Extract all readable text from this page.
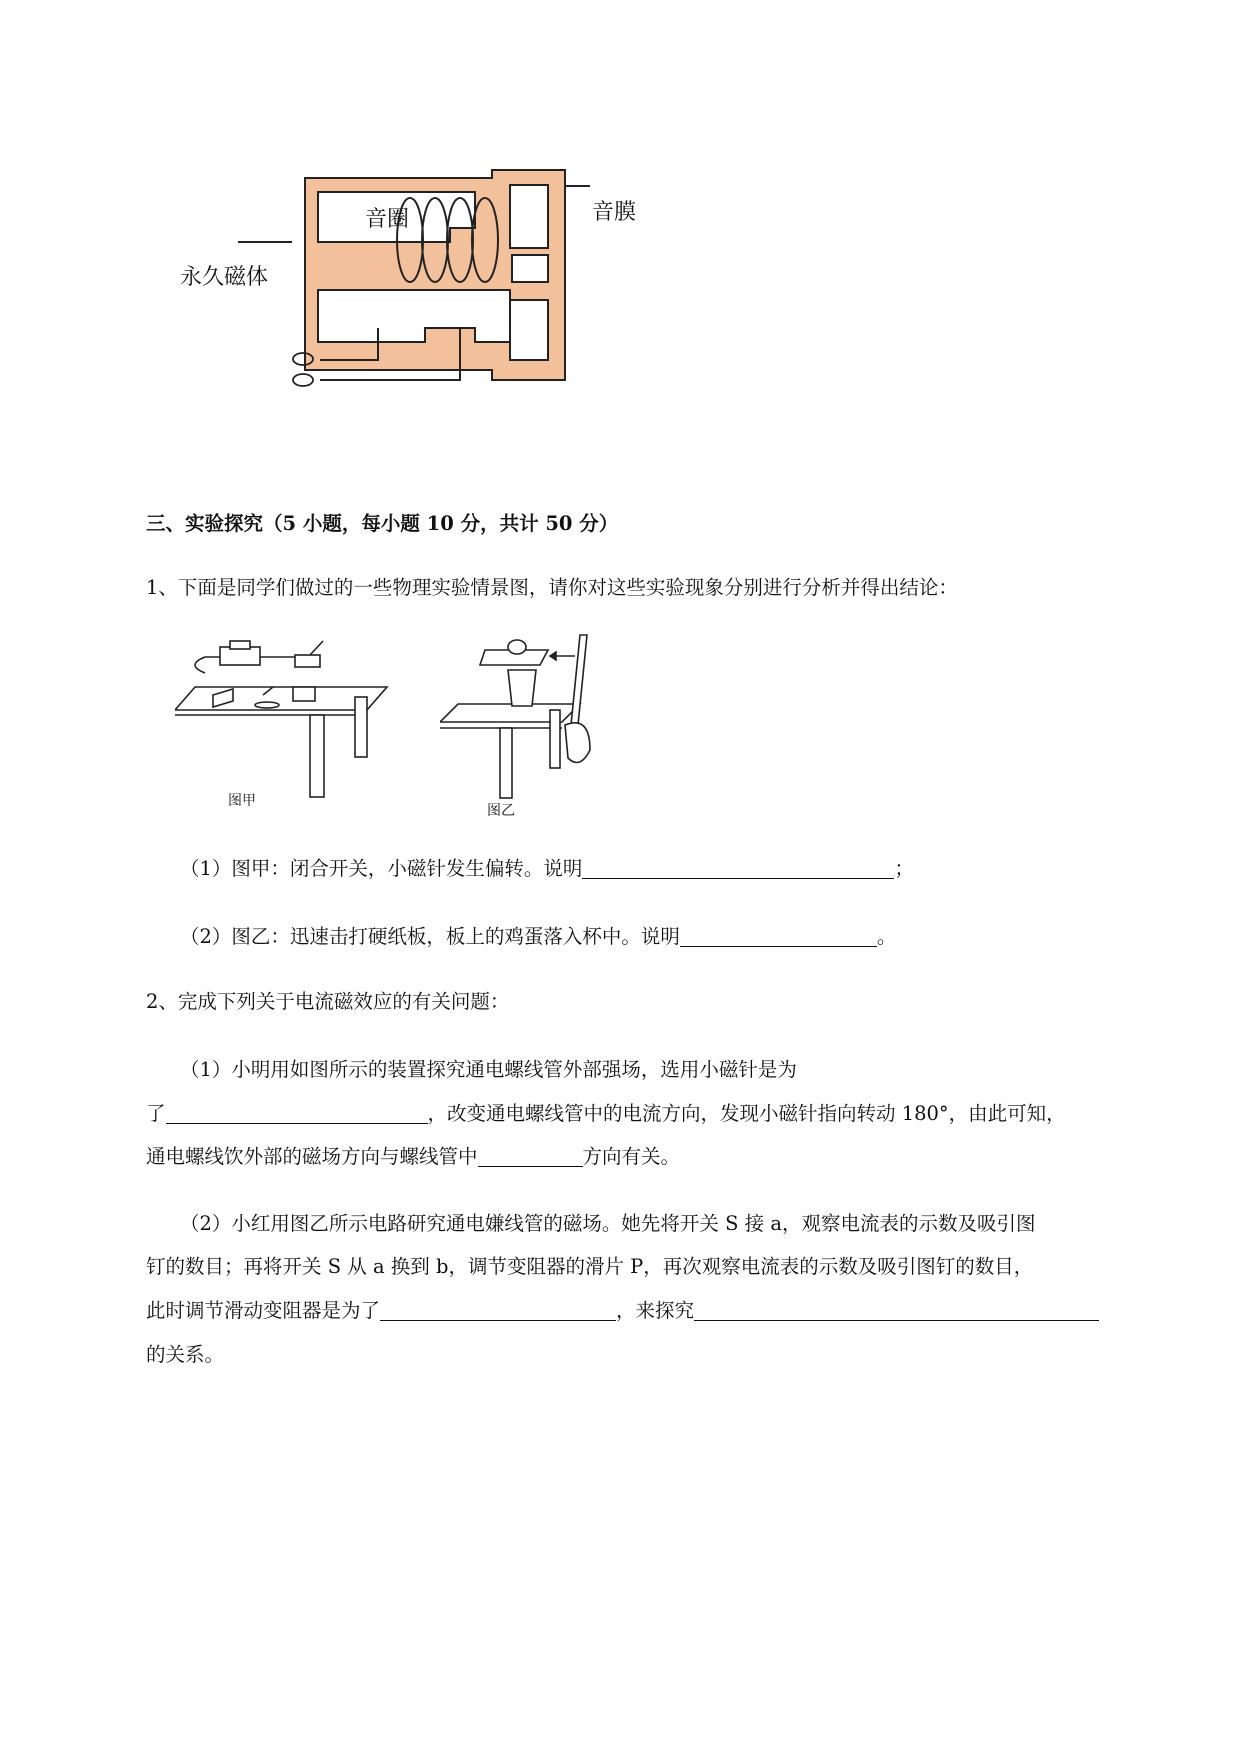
音圈	音膜
永久磁体
三、实验探究（5 小题，每小题 10 分，共计 50 分）
1、下面是同学们做过的一些物理实验情景图，请你对这些实验现象分别进行分析并得出结论：
图甲
图乙
（1）图甲：闭合开关，小磁针发生偏转。说明	；
（2）图乙：迅速击打硬纸板，板上的鸡蛋落入杯中。说明	。
2、完成下列关于电流磁效应的有关问题：
（1）小明用如图所示的装置探究通电螺线管外部强场，选用小磁针是为
了	，改变通电螺线管中的电流方向，发现小磁针指向转动 180°，由此可知，
通电螺线饮外部的磁场方向与螺线管中	方向有关。
（2）小红用图乙所示电路研究通电嫌线管的磁场。她先将开关 S 接 a，观察电流表的示数及吸引图
钉的数目；再将开关 S 从 a 换到 b，调节变阻器的滑片 P，再次观察电流表的示数及吸引图钉的数目，
此时调节滑动变阻器是为了	，来探究
的关系。
